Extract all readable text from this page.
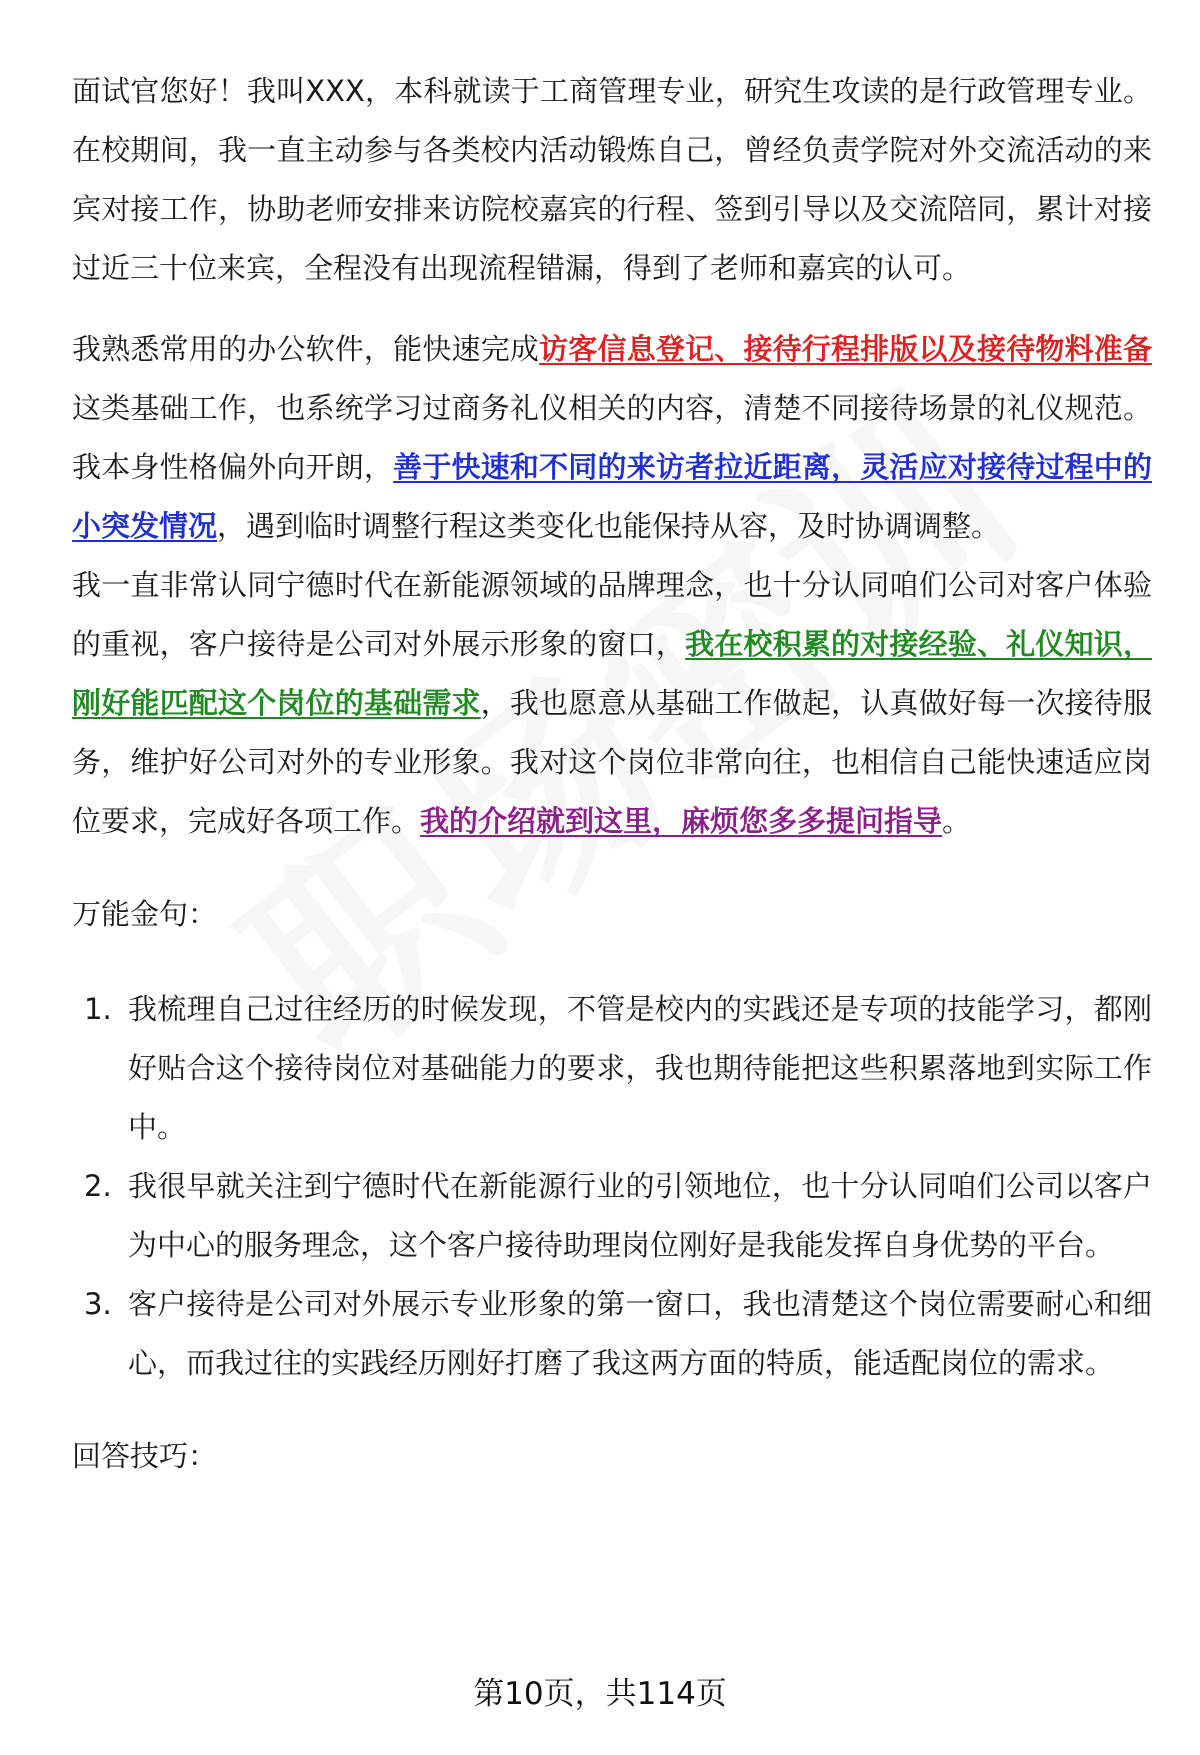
面试官您好！我叫XXX，本科就读于工商管理专业，研究生攻读的是行政管理专业。在校期间，我一直主动参与各类校内活动锻炼自己，曾经负责学院对外交流活动的来宾对接工作，协助老师安排来访院校嘉宾的行程、签到引导以及交流陪同，累计对接过近三十位来宾，全程没有出现流程错漏，得到了老师和嘉宾的认可。

我熟悉常用的办公软件，能快速完成访客信息登记、接待行程排版以及接待物料准备这类基础工作，也系统学习过商务礼仪相关的内容，清楚不同接待场景的礼仪规范。我本身性格偏外向开朗，善于快速和不同的来访者拉近距离，灵活应对接待过程中的小突发情况，遇到临时调整行程这类变化也能保持从容，及时协调调整。

我一直非常认同宁德时代在新能源领域的品牌理念，也十分认同咱们公司对客户体验的重视，客户接待是公司对外展示形象的窗口，我在校积累的对接经验、礼仪知识，刚好能匹配这个岗位的基础需求，我也愿意从基础工作做起，认真做好每一次接待服务，维护好公司对外的专业形象。我对这个岗位非常向往，也相信自己能快速适应岗位要求，完成好各项工作。我的介绍就到这里，麻烦您多多提问指导。

万能金句：

1. 我梳理自己过往经历的时候发现，不管是校内的实践还是专项的技能学习，都刚好贴合这个接待岗位对基础能力的要求，我也期待能把这些积累落地到实际工作中。
2. 我很早就关注到宁德时代在新能源行业的引领地位，也十分认同咱们公司以客户为中心的服务理念，这个客户接待助理岗位刚好是我能发挥自身优势的平台。
3. 客户接待是公司对外展示专业形象的第一窗口，我也清楚这个岗位需要耐心和细心，而我过往的实践经历刚好打磨了我这两方面的特质，能适配岗位的需求。

回答技巧：

第10页，共114页
